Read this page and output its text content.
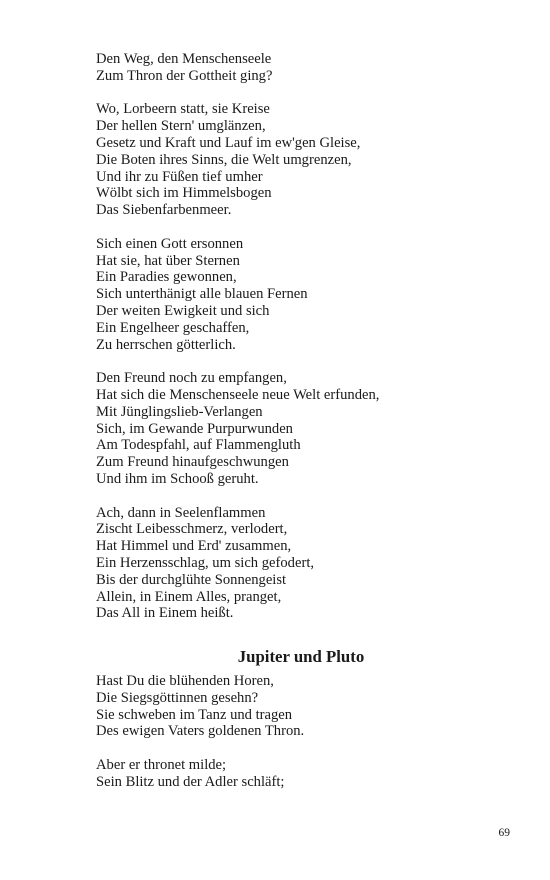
Den Weg, den Menschenseele
Zum Thron der Gottheit ging?
Wo, Lorbeern statt, sie Kreise
Der hellen Stern' umglänzen,
Gesetz und Kraft und Lauf im ew'gen Gleise,
Die Boten ihres Sinns, die Welt umgrenzen,
Und ihr zu Füßen tief umher
Wölbt sich im Himmelsbogen
Das Siebenfarbenmeer.
Sich einen Gott ersonnen
Hat sie, hat über Sternen
Ein Paradies gewonnen,
Sich unterthänigt alle blauen Fernen
Der weiten Ewigkeit und sich
Ein Engelheer geschaffen,
Zu herrschen götterlich.
Den Freund noch zu empfangen,
Hat sich die Menschenseele neue Welt erfunden,
Mit Jünglingslieb-Verlangen
Sich, im Gewande Purpurwunden
Am Todespfahl, auf Flammengluth
Zum Freund hinaufgeschwungen
Und ihm im Schooß geruht.
Ach, dann in Seelenflammen
Zischt Leibesschmerz, verlodert,
Hat Himmel und Erd' zusammen,
Ein Herzensschlag, um sich gefodert,
Bis der durchglühte Sonnengeist
Allein, in Einem Alles, pranget,
Das All in Einem heißt.
Jupiter und Pluto
Hast Du die blühenden Horen,
Die Siegsgöttinnen gesehn?
Sie schweben im Tanz und tragen
Des ewigen Vaters goldenen Thron.
Aber er thronet milde;
Sein Blitz und der Adler schläft;
69
